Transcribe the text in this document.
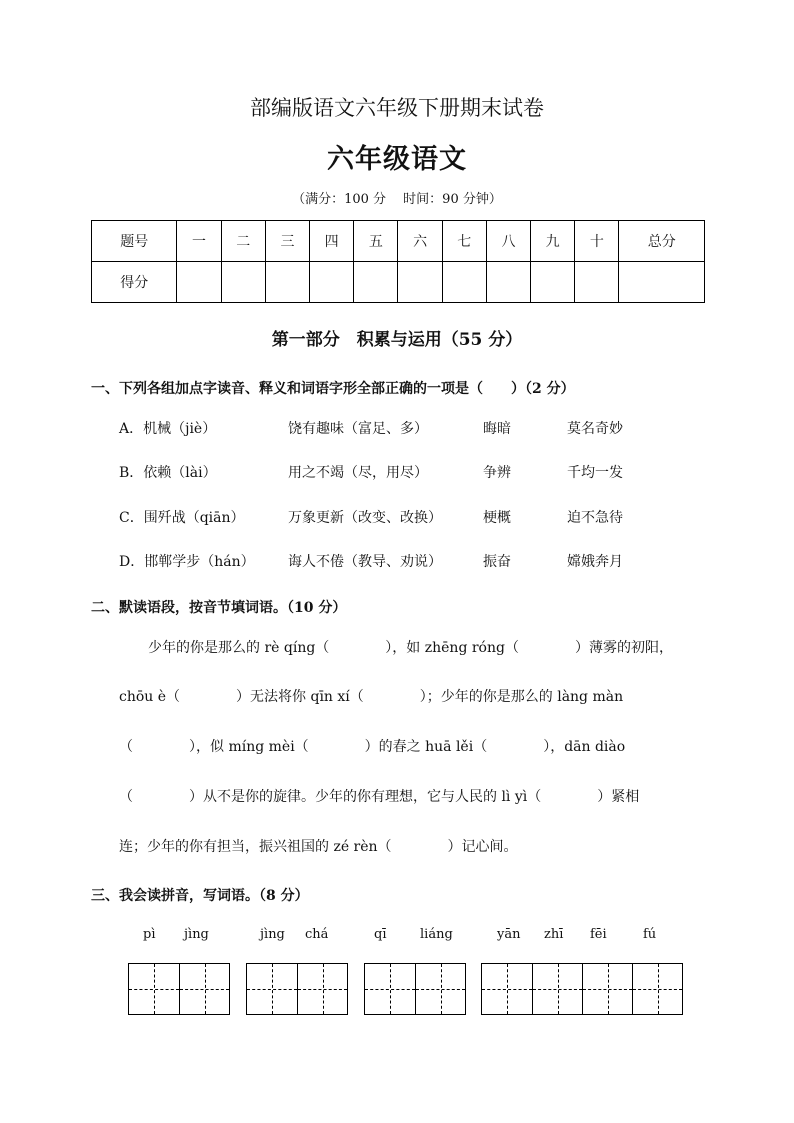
部编版语文六年级下册期末试卷
六年级语文
（满分：100 分　 时间：90 分钟）
题号	一	二	三	四	五	六	七	八	九	十	总分
得分											
第一部分　积累与运用（55 分）
一、下列各组加点字读音、释义和词语字形全部正确的一项是（　　）（2 分）
A．机械（jiè）	饶有趣味（富足、多）	晦暗	莫名奇妙
B．依赖（lài）	用之不竭（尽，用尽）	争辨	千均一发
C．围歼战（qiān）	万象更新（改变、改换）	梗概	迫不急待
D．邯郸学步（hán） 诲人不倦（教导、劝说）	振奋	嫦娥奔月
二、默读语段，按音节填词语。（10 分）
少年的你是那么的 rè qíng（　　　　），如 zhēng róng（　　　　）薄雾的初阳，
chōu è（　　　　）无法将你 qīn xí（　　　　）；少年的你是那么的 làng màn
（　　　　），似 míng mèi（　　　　）的春之 huā lěi（　　　　），dān diào
（　　　　）从不是你的旋律。少年的你有理想，它与人民的 lì yì（　　　　）紧相
连；少年的你有担当，振兴祖国的 zé rèn（　　　　）记心间。
三、我会读拼音，写词语。（8 分）
pì jìng	jìng chá	qī	liáng	yān zhī fēi	fú
